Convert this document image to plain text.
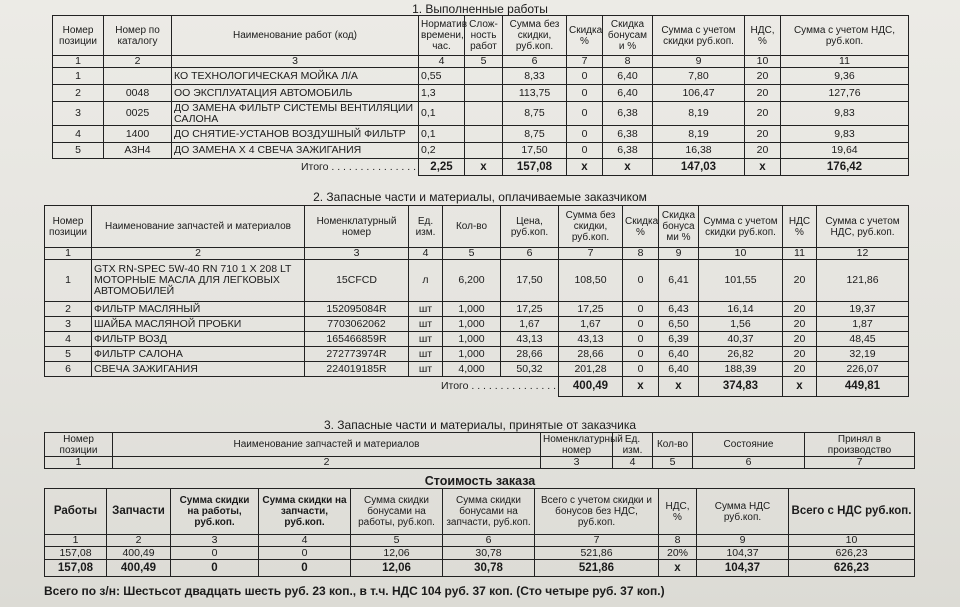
1. Выполненные работы
Номер позиции	Номер по каталогу	Наименование работ (код)	Норматив времени, час.	Слож-ность работ	Сумма без скидки, руб.коп.	Скидка %	Скидка бонусам и %	Сумма с учетом скидки руб.коп.	НДС, %	Сумма с учетом НДС, руб.коп.
1	2	3	4	5	6	7	8	9	10	11
1		КО ТЕХНОЛОГИЧЕСКАЯ МОЙКА Л/А	0,55		8,33	0	6,40	7,80	20	9,36
2	0048	ОО ЭКСПЛУАТАЦИЯ АВТОМОБИЛЬ	1,3		113,75	0	6,40	106,47	20	127,76
3	0025	ДО ЗАМЕНА ФИЛЬТР СИСТЕМЫ ВЕНТИЛЯЦИИ САЛОНА	0,1		8,75	0	6,38	8,19	20	9,83
4	1400	ДО СНЯТИЕ-УСТАНОВ ВОЗДУШНЫЙ ФИЛЬТР	0,1		8,75	0	6,38	8,19	20	9,83
5	А3Н4	ДО ЗАМЕНА Х 4 СВЕЧА ЗАЖИГАНИЯ	0,2		17,50	0	6,38	16,38	20	19,64
Итого . . . . . . . . . . . . . . .			2,25	x	157,08	x	x	147,03	x	176,42
2. Запасные части и материалы, оплачиваемые заказчиком
Номер позиции	Наименование запчастей и материалов	Номенклатурный номер	Ед. изм.	Кол-во	Цена, руб.коп.	Сумма без скидки, руб.коп.	Скидка %	Скидка бонуса ми %	Сумма с учетом скидки руб.коп.	НДС %	Сумма с учетом НДС, руб.коп.
1	2	3	4	5	6	7	8	9	10	11	12
1	GTX RN-SPEC 5W-40 RN 710 1 X 208 LT МОТОРНЫЕ МАСЛА ДЛЯ ЛЕГКОВЫХ АВТОМОБИЛЕЙ	15CFCD	л	6,200	17,50	108,50	0	6,41	101,55	20	121,86
2	ФИЛЬТР МАСЛЯНЫЙ	152095084R	шт	1,000	17,25	17,25	0	6,43	16,14	20	19,37
3	ШАЙБА МАСЛЯНОЙ ПРОБКИ	7703062062	шт	1,000	1,67	1,67	0	6,50	1,56	20	1,87
4	ФИЛЬТР ВОЗД	165466859R	шт	1,000	43,13	43,13	0	6,39	40,37	20	48,45
5	ФИЛЬТР САЛОНА	272773974R	шт	1,000	28,66	28,66	0	6,40	26,82	20	32,19
6	СВЕЧА ЗАЖИГАНИЯ	224019185R	шт	4,000	50,32	201,28	0	6,40	188,39	20	226,07
Итого . . . . . . . . . . . . . . .						400,49	x	x	374,83	x	449,81
3. Запасные части и материалы, принятые от заказчика
Номер позиции	Наименование запчастей и материалов	Номенклатурный номер	Ед. изм.	Кол-во	Состояние	Принял в производство
1	2	3	4	5	6	7
Стоимость заказа
Работы	Запчасти	Сумма скидки на работы, руб.коп.	Сумма скидки на запчасти, руб.коп.	Сумма скидки бонусами на работы, руб.коп.	Сумма скидки бонусами на запчасти, руб.коп.	Всего с учетом скидки и бонусов без НДС, руб.коп.	НДС, %	Сумма НДС руб.коп.	Всего с НДС руб.коп.
1	2	3	4	5	6	7	8	9	10
157,08	400,49	0	0	12,06	30,78	521,86	20%	104,37	626,23
157,08	400,49	0	0	12,06	30,78	521,86	x	104,37	626,23
Всего по з/н: Шестьсот двадцать шесть руб. 23 коп., в т.ч. НДС 104 руб. 37 коп. (Сто четыре руб. 37 коп.)
